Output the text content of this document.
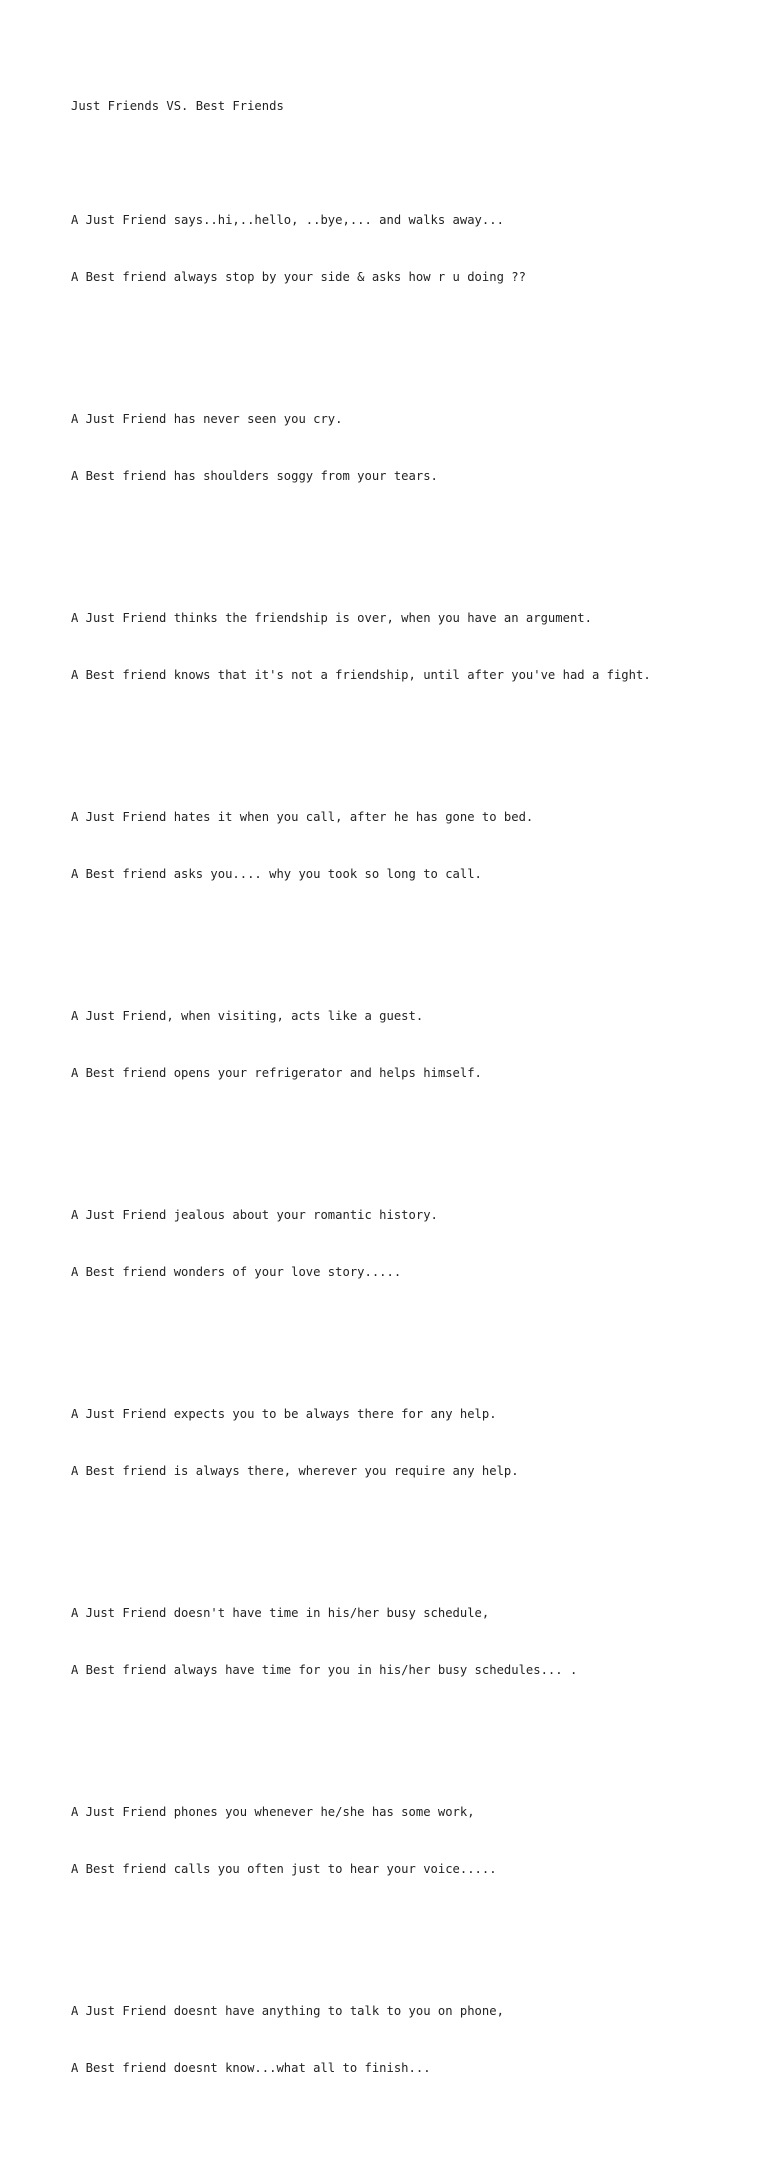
Just Friends VS. Best Friends

A Just Friend says..hi,..hello, ..bye,... and walks away...

A Best friend always stop by your side & asks how r u doing ??

A Just Friend has never seen you cry.

A Best friend has shoulders soggy from your tears.

A Just Friend thinks the friendship is over, when you have an argument.

A Best friend knows that it's not a friendship, until after you've had a fight.

A Just Friend hates it when you call, after he has gone to bed.

A Best friend asks you.... why you took so long to call.

A Just Friend, when visiting, acts like a guest.

A Best friend opens your refrigerator and helps himself.

A Just Friend jealous about your romantic history.

A Best friend wonders of your love story.....

A Just Friend expects you to be always there for any help.

A Best friend is always there, wherever you require any help.

A Just Friend doesn't have time in his/her busy schedule,

A Best friend always have time for you in his/her busy schedules... .

A Just Friend phones you whenever he/she has some work,

A Best friend calls you often just to hear your voice.....

A Just Friend doesnt have anything to talk to you on phone,

A Best friend doesnt know...what all to finish...
